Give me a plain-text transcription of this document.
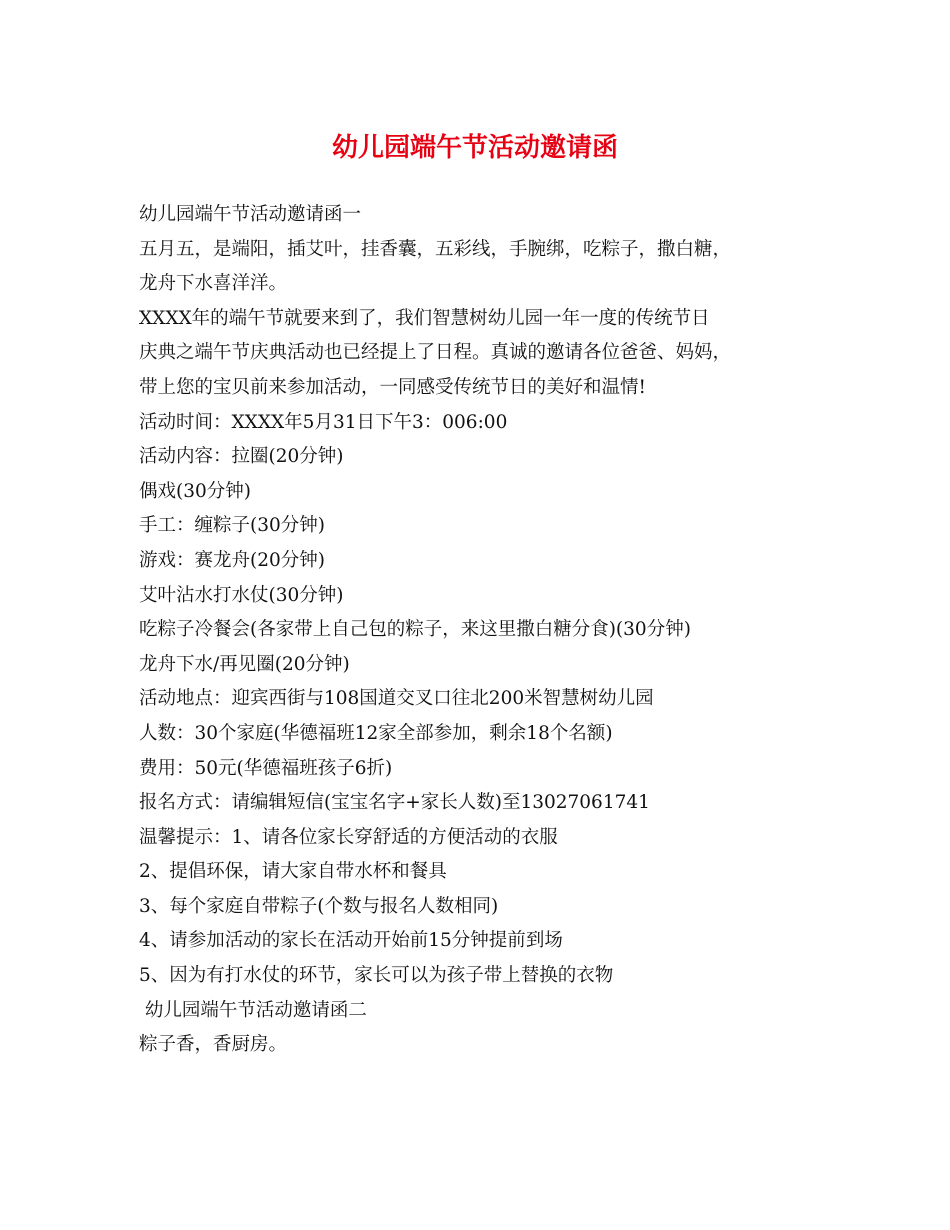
幼儿园端午节活动邀请函

幼儿园端午节活动邀请函一

五月五，是端阳，插艾叶，挂香囊，五彩线，手腕绑，吃粽子，撒白糖，

龙舟下水喜洋洋。

XXXX年的端午节就要来到了，我们智慧树幼儿园一年一度的传统节日

庆典之端午节庆典活动也已经提上了日程。真诚的邀请各位爸爸、妈妈，

带上您的宝贝前来参加活动，一同感受传统节日的美好和温情!

活动时间：XXXX年5月31日下午3：006:00

活动内容：拉圈(20分钟)

偶戏(30分钟)

手工：缠粽子(30分钟)

游戏：赛龙舟(20分钟)

艾叶沾水打水仗(30分钟)

吃粽子冷餐会(各家带上自己包的粽子，来这里撒白糖分食)(30分钟)

龙舟下水/再见圈(20分钟)

活动地点：迎宾西街与108国道交叉口往北200米智慧树幼儿园

人数：30个家庭(华德福班12家全部参加，剩余18个名额)

费用：50元(华德福班孩子6折)

报名方式：请编辑短信(宝宝名字+家长人数)至13027061741

温馨提示：1、请各位家长穿舒适的方便活动的衣服

2、提倡环保，请大家自带水杯和餐具

3、每个家庭自带粽子(个数与报名人数相同)

4、请参加活动的家长在活动开始前15分钟提前到场

5、因为有打水仗的环节，家长可以为孩子带上替换的衣物

幼儿园端午节活动邀请函二

粽子香，香厨房。
